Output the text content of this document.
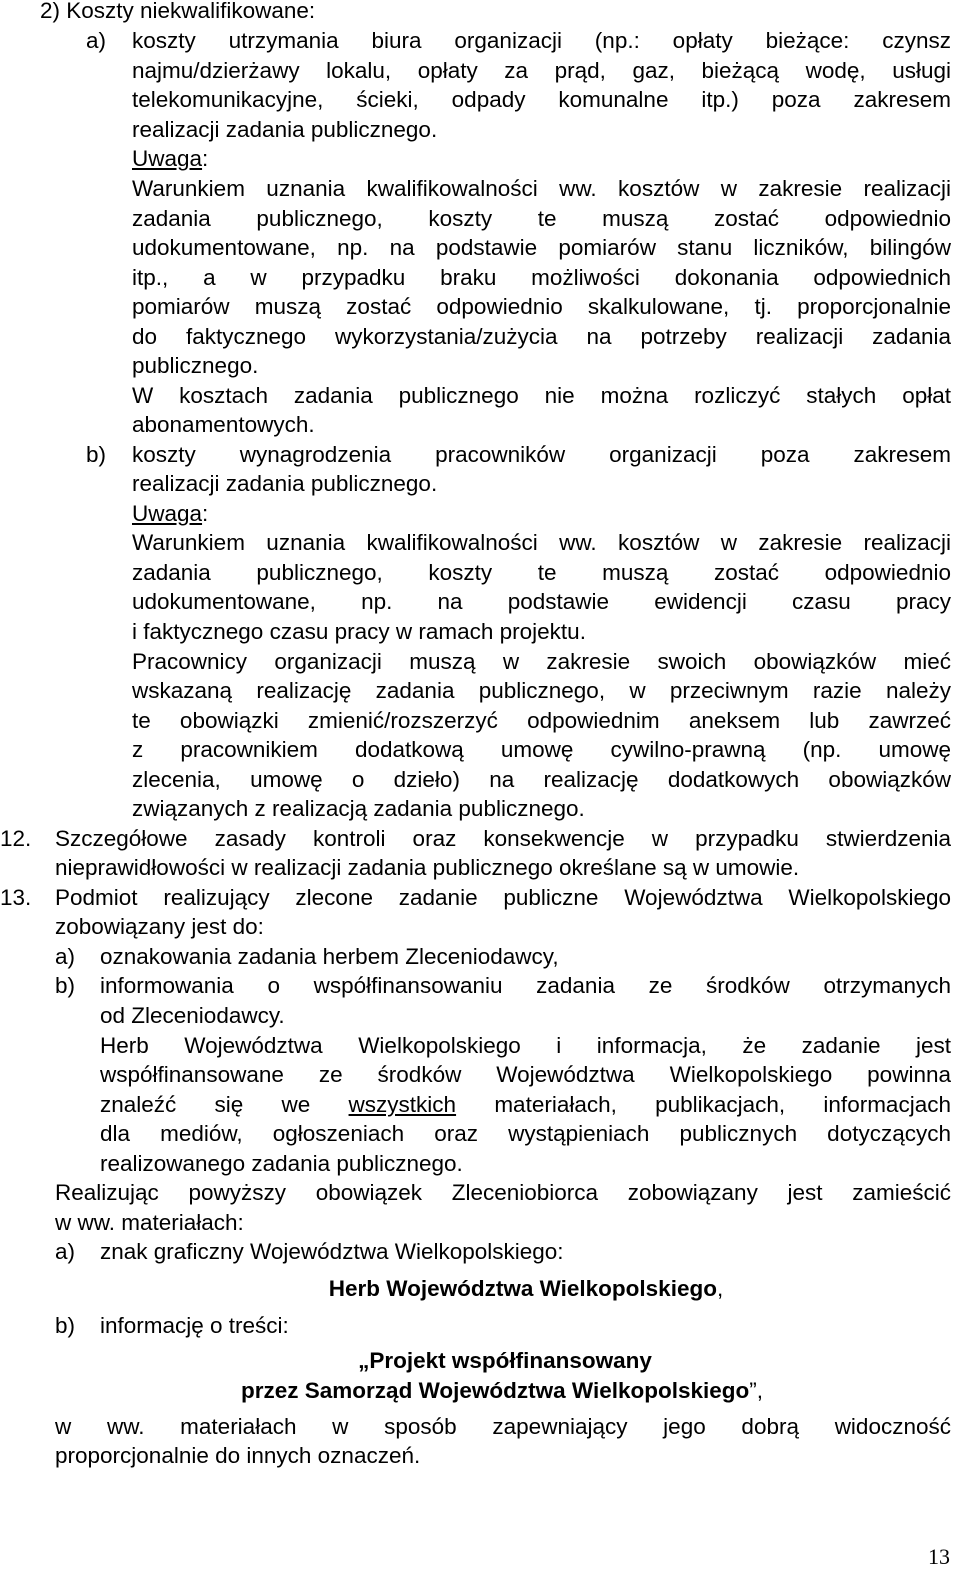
2) Koszty niekwalifikowane:
a) koszty utrzymania biura organizacji (np.: opłaty bieżące: czynsz
najmu/dzierżawy lokalu, opłaty za prąd, gaz, bieżącą wodę, usługi
telekomunikacyjne, ścieki, odpady komunalne itp.) poza zakresem
realizacji zadania publicznego.
Uwaga:
Warunkiem uznania kwalifikowalności ww. kosztów w zakresie realizacji
zadania publicznego, koszty te muszą zostać odpowiednio
udokumentowane, np. na podstawie pomiarów stanu liczników, bilingów
itp., a w przypadku braku możliwości dokonania odpowiednich
pomiarów muszą zostać odpowiednio skalkulowane, tj. proporcjonalnie
do faktycznego wykorzystania/zużycia na potrzeby realizacji zadania
publicznego.
W kosztach zadania publicznego nie można rozliczyć stałych opłat
abonamentowych.
b) koszty wynagrodzenia pracowników organizacji poza zakresem
realizacji zadania publicznego.
Uwaga:
Warunkiem uznania kwalifikowalności ww. kosztów w zakresie realizacji
zadania publicznego, koszty te muszą zostać odpowiednio
udokumentowane, np. na podstawie ewidencji czasu pracy
i faktycznego czasu pracy w ramach projektu.
Pracownicy organizacji muszą w zakresie swoich obowiązków mieć
wskazaną realizację zadania publicznego, w przeciwnym razie należy
te obowiązki zmienić/rozszerzyć odpowiednim aneksem lub zawrzeć
z pracownikiem dodatkową umowę cywilno-prawną (np. umowę
zlecenia, umowę o dzieło) na realizację dodatkowych obowiązków
związanych z realizacją zadania publicznego.
12. Szczegółowe zasady kontroli oraz konsekwencje w przypadku stwierdzenia
nieprawidłowości w realizacji zadania publicznego określane są w umowie.
13. Podmiot realizujący zlecone zadanie publiczne Województwa Wielkopolskiego
zobowiązany jest do:
a) oznakowania zadania herbem Zleceniodawcy,
b) informowania o współfinansowaniu zadania ze środków otrzymanych
od Zleceniodawcy.
Herb Województwa Wielkopolskiego i informacja, że zadanie jest
współfinansowane ze środków Województwa Wielkopolskiego powinna
znaleźć się we wszystkich materiałach, publikacjach, informacjach
dla mediów, ogłoszeniach oraz wystąpieniach publicznych dotyczących
realizowanego zadania publicznego.
Realizując powyższy obowiązek Zleceniobiorca zobowiązany jest zamieścić
w ww. materiałach:
a) znak graficzny Województwa Wielkopolskiego:
Herb Województwa Wielkopolskiego,
b) informację o treści:
„Projekt współfinansowany
przez Samorząd Województwa Wielkopolskiego”,
w ww. materiałach w sposób zapewniający jego dobrą widoczność
proporcjonalnie do innych oznaczeń.
13
